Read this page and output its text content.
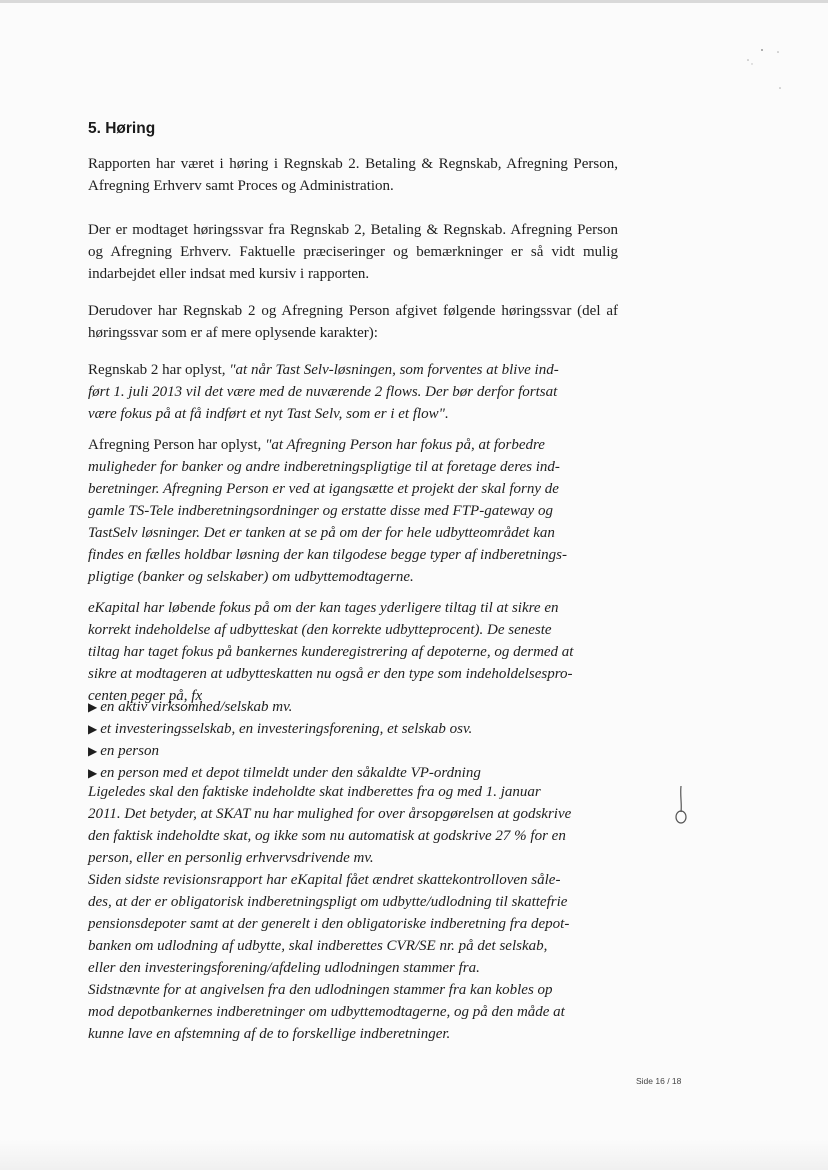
5. Høring
Rapporten har været i høring i Regnskab 2. Betaling & Regnskab, Afregning Person, Afregning Erhverv samt Proces og Administration.
Der er modtaget høringssvar fra Regnskab 2, Betaling & Regnskab. Afregning Person og Afregning Erhverv. Faktuelle præciseringer og bemærkninger er så vidt mulig indarbejdet eller indsat med kursiv i rapporten.
Derudover har Regnskab 2 og Afregning Person afgivet følgende høringssvar (del af høringssvar som er af mere oplysende karakter):
Regnskab 2 har oplyst, "at når Tast Selv-løsningen, som forventes at blive ind-
ført 1. juli 2013 vil det være med de nuværende 2 flows. Der bør derfor fortsat
være fokus på at få indført et nyt Tast Selv, som er i et flow".
Afregning Person har oplyst, "at Afregning Person har fokus på, at forbedre
muligheder for banker og andre indberetningspligtige til at foretage deres ind-
beretninger. Afregning Person er ved at igangsætte et projekt der skal forny de
gamle TS-Tele indberetningsordninger og erstatte disse med FTP-gateway og
TastSelv løsninger. Det er tanken at se på om der for hele udbytteområdet kan
findes en fælles holdbar løsning der kan tilgodese begge typer af indberetnings-
pligtige (banker og selskaber) om udbyttemodtagerne.
eKapital har løbende fokus på om der kan tages yderligere tiltag til at sikre en
korrekt indeholdelse af udbytteskat (den korrekte udbytteprocent). De seneste
tiltag har taget fokus på bankernes kunderegistrering af depoterne, og dermed at
sikre at modtageren at udbytteskatten nu også er den type som indeholdelsespro-
centen peger på, fx
▶ en aktiv virksomhed/selskab mv.
▶ et investeringsselskab, en investeringsforening, et selskab osv.
▶ en person
▶ en person med et depot tilmeldt under den såkaldte VP-ordning
Ligeledes skal den faktiske indeholdte skat indberettes fra og med 1. januar
2011. Det betyder, at SKAT nu har mulighed for over årsopgørelsen at godskrive
den faktisk indeholdte skat, og ikke som nu automatisk at godskrive 27 % for en
person, eller en personlig erhvervsdrivende mv.
Siden sidste revisionsrapport har eKapital fået ændret skattekontrolloven såle-
des, at der er obligatorisk indberetningspligt om udbytte/udlodning til skattefrie
pensionsdepoter samt at der generelt i den obligatoriske indberetning fra depot-
banken om udlodning af udbytte, skal indberettes CVR/SE nr. på det selskab,
eller den investeringsforening/afdeling udlodningen stammer fra.
Sidstnævnte for at angivelsen fra den udlodningen stammer fra kan kobles op
mod depotbankernes indberetninger om udbyttemodtagerne, og på den måde at
kunne lave en afstemning af de to forskellige indberetninger.
Side 16 / 18
